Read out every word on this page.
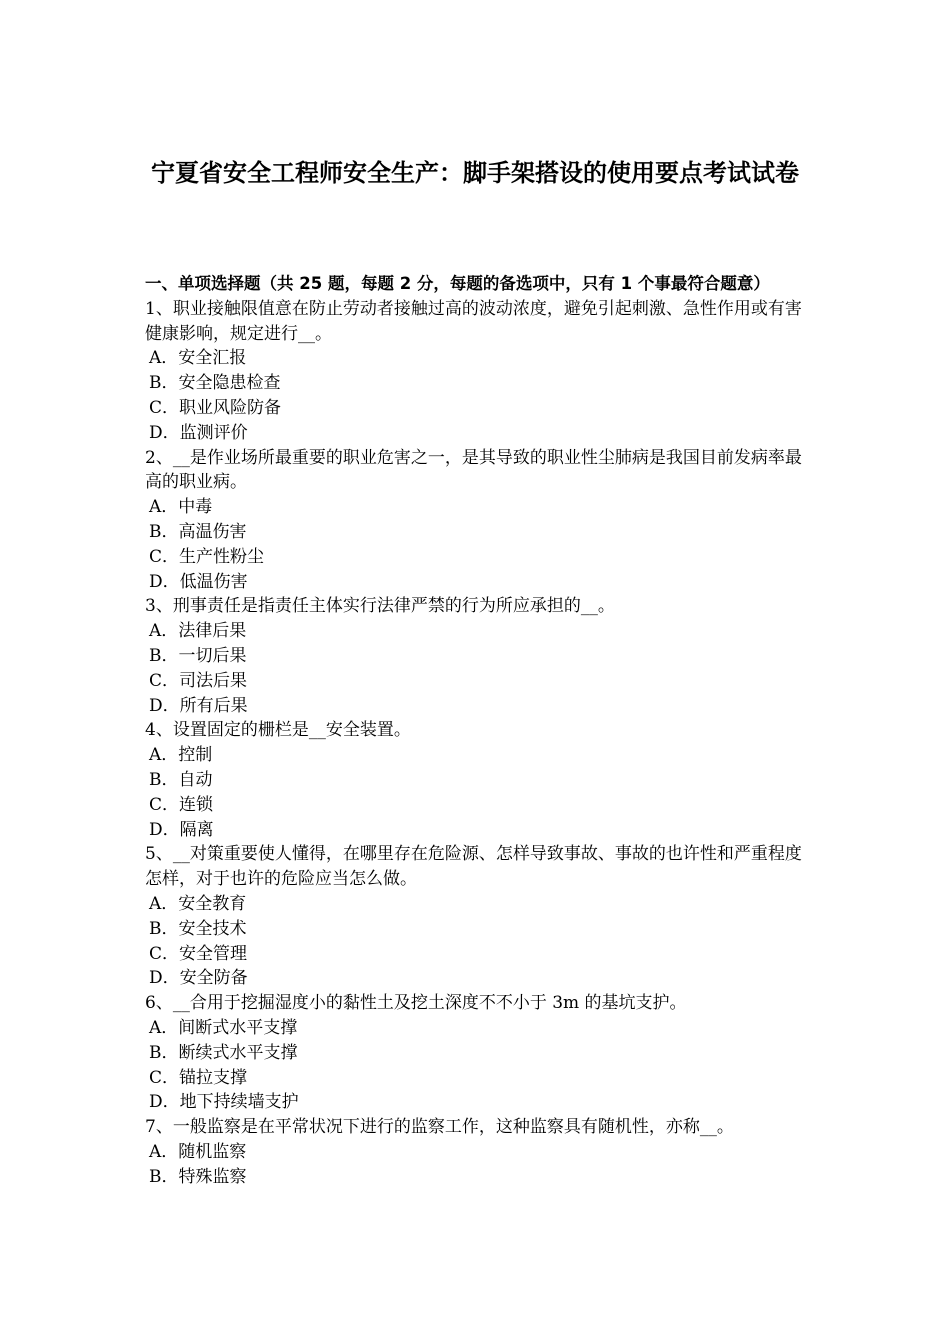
宁夏省安全工程师安全生产：脚手架搭设的使用要点考试试卷

一、单项选择题（共 25 题，每题 2 分，每题的备选项中，只有 1 个事最符合题意）

1、职业接触限值意在防止劳动者接触过高的波动浓度，避免引起刺激、急性作用或有害健康影响，规定进行__。

A．安全汇报

B．安全隐患检查

C．职业风险防备

D．监测评价

2、__是作业场所最重要的职业危害之一，是其导致的职业性尘肺病是我国目前发病率最高的职业病。

A．中毒

B．高温伤害

C．生产性粉尘

D．低温伤害

3、刑事责任是指责任主体实行法律严禁的行为所应承担的__。

A．法律后果

B．一切后果

C．司法后果

D．所有后果

4、设置固定的栅栏是__安全装置。

A．控制

B．自动

C．连锁

D．隔离

5、__对策重要使人懂得，在哪里存在危险源、怎样导致事故、事故的也许性和严重程度怎样，对于也许的危险应当怎么做。

A．安全教育

B．安全技术

C．安全管理

D．安全防备

6、__合用于挖掘湿度小的黏性土及挖土深度不不小于 3m 的基坑支护。

A．间断式水平支撑

B．断续式水平支撑

C．锚拉支撑

D．地下持续墙支护

7、一般监察是在平常状况下进行的监察工作，这种监察具有随机性，亦称__。

A．随机监察

B．特殊监察
